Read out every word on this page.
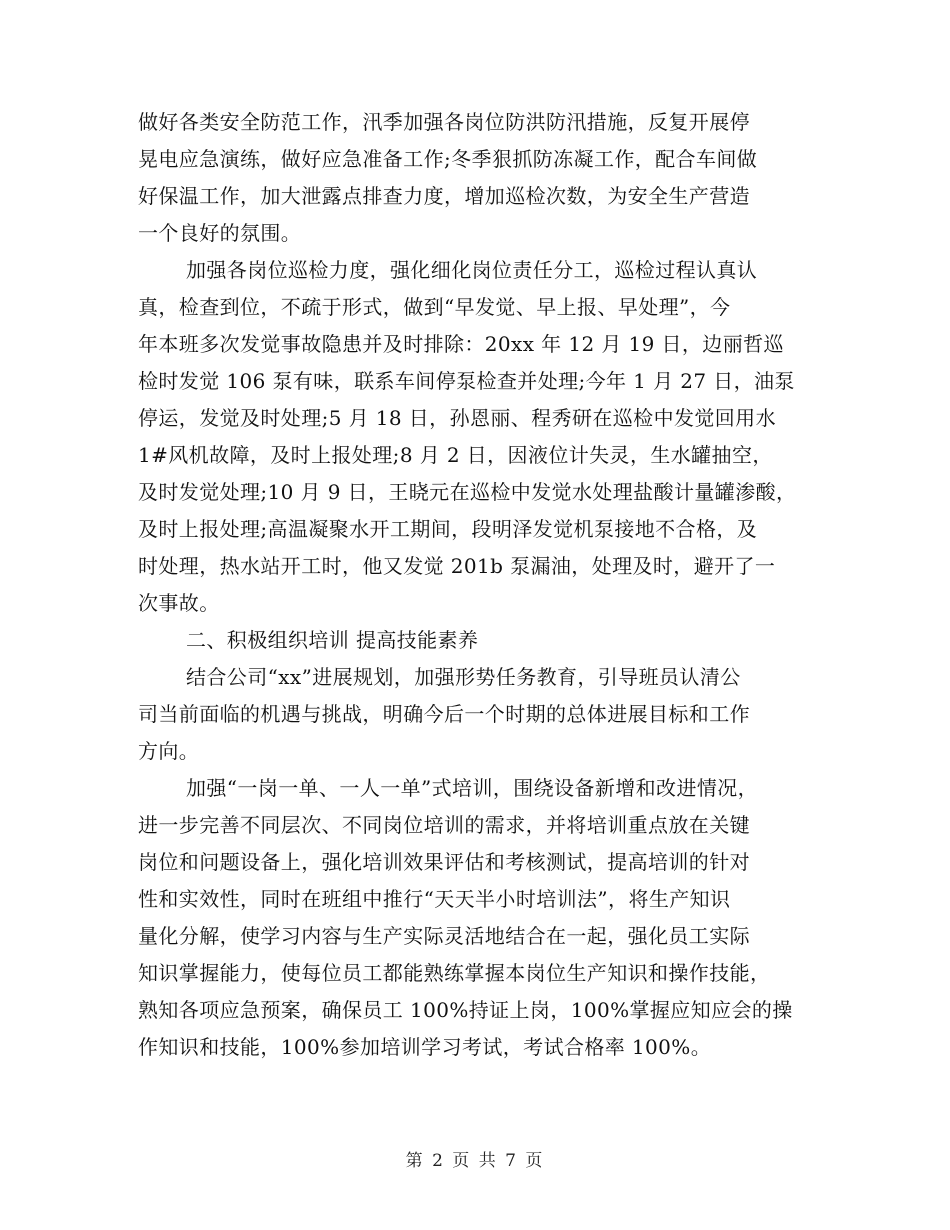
做好各类安全防范工作，汛季加强各岗位防洪防汛措施，反复开展停
晃电应急演练，做好应急准备工作;冬季狠抓防冻凝工作，配合车间做
好保温工作，加大泄露点排查力度，增加巡检次数，为安全生产营造
一个良好的氛围。
加强各岗位巡检力度，强化细化岗位责任分工，巡检过程认真认
真，检查到位，不疏于形式，做到“早发觉、早上报、早处理”，今
年本班多次发觉事故隐患并及时排除：20xx 年 12 月 19 日，边丽哲巡
检时发觉 106 泵有味，联系车间停泵检查并处理;今年 1 月 27 日，油泵
停运，发觉及时处理;5 月 18 日，孙恩丽、程秀研在巡检中发觉回用水
1#风机故障，及时上报处理;8 月 2 日，因液位计失灵，生水罐抽空，
及时发觉处理;10 月 9 日，王晓元在巡检中发觉水处理盐酸计量罐渗酸，
及时上报处理;高温凝聚水开工期间，段明泽发觉机泵接地不合格，及
时处理，热水站开工时，他又发觉 201b 泵漏油，处理及时，避开了一
次事故。
二、积极组织培训 提高技能素养
结合公司“xx”进展规划，加强形势任务教育，引导班员认清公
司当前面临的机遇与挑战，明确今后一个时期的总体进展目标和工作
方向。
加强“一岗一单、一人一单”式培训，围绕设备新增和改进情况，
进一步完善不同层次、不同岗位培训的需求，并将培训重点放在关键
岗位和问题设备上，强化培训效果评估和考核测试，提高培训的针对
性和实效性，同时在班组中推行“天天半小时培训法”，将生产知识
量化分解，使学习内容与生产实际灵活地结合在一起，强化员工实际
知识掌握能力，使每位员工都能熟练掌握本岗位生产知识和操作技能，
熟知各项应急预案，确保员工 100%持证上岗，100%掌握应知应会的操
作知识和技能，100%参加培训学习考试，考试合格率 100%。
第 2 页 共 7 页
